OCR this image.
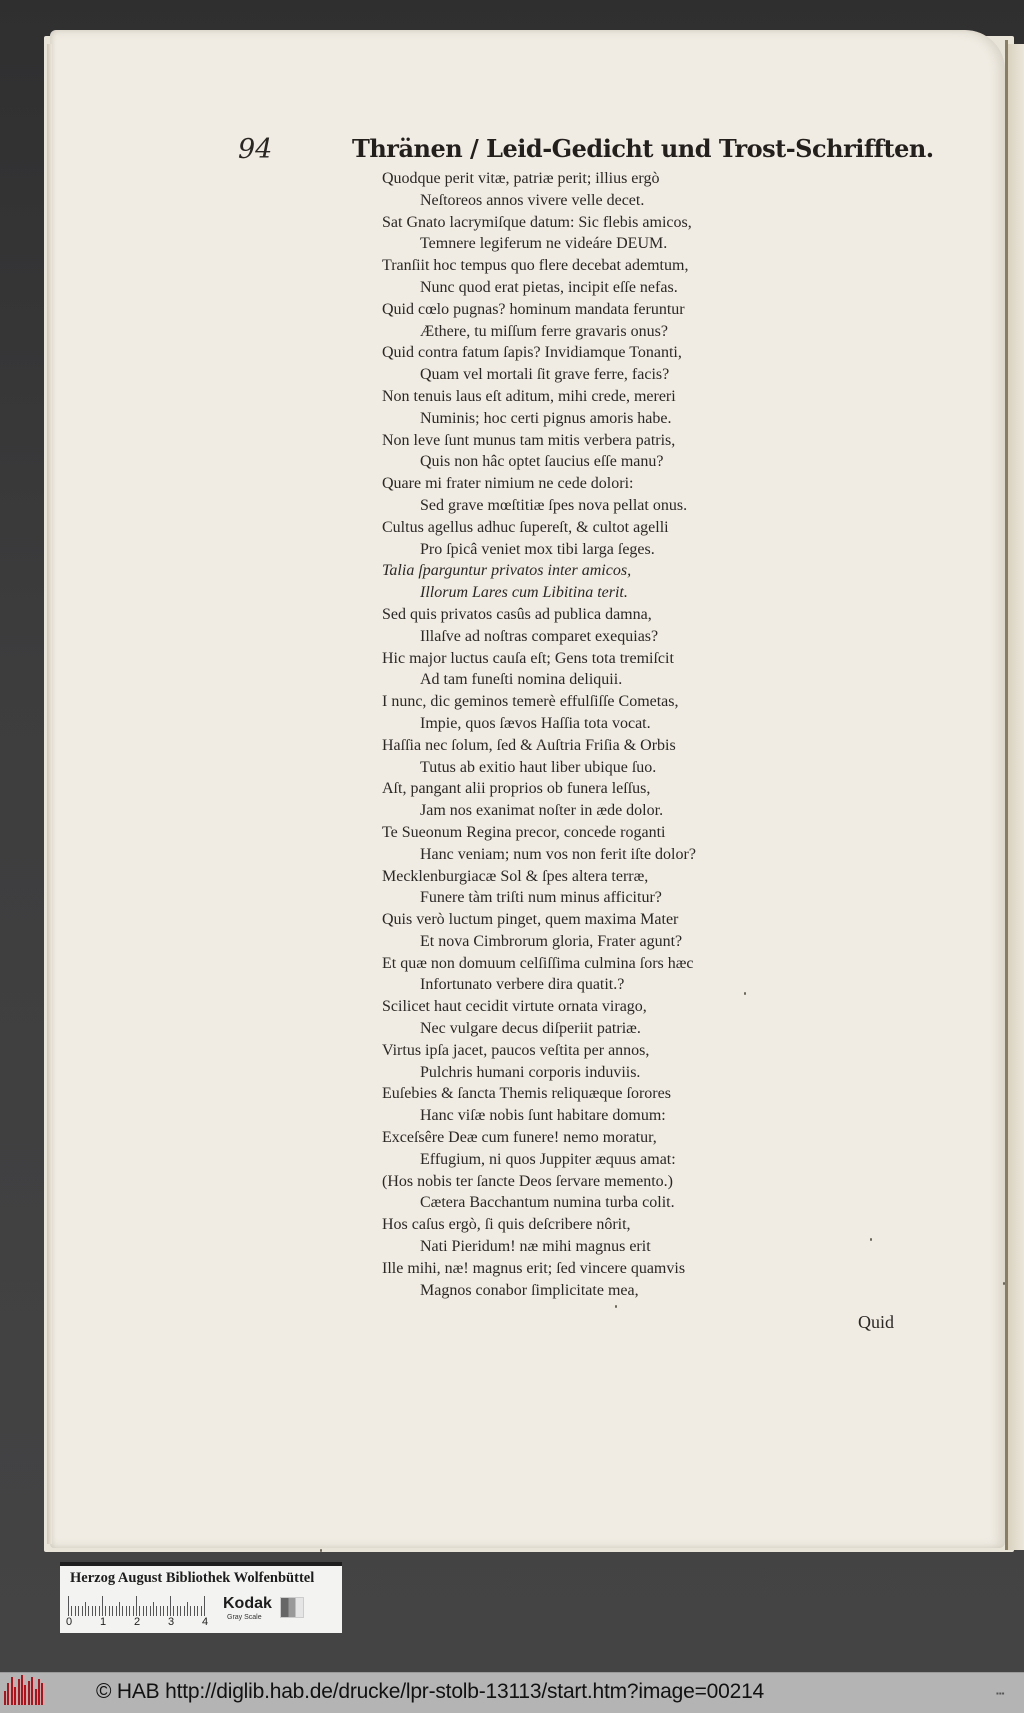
94	Thränen / Leid-Gedicht und Trost-Schrifften.
Quodque perit vitæ, patriæ perit; illius ergò
Neſtoreos annos vivere velle decet.
Sat Gnato lacrymiſque datum: Sic flebis amicos,
Temnere legiferum ne videáre DEUM.
Tranſiit hoc tempus quo flere decebat ademtum,
Nunc quod erat pietas, incipit eſſe nefas.
Quid cœlo pugnas? hominum mandata feruntur
Æthere, tu miſſum ferre gravaris onus?
Quid contra fatum ſapis? Invidiamque Tonanti,
Quam vel mortali ſit grave ferre, facis?
Non tenuis laus eſt aditum, mihi crede, mereri
Numinis; hoc certi pignus amoris habe.
Non leve ſunt munus tam mitis verbera patris,
Quis non hâc optet ſaucius eſſe manu?
Quare mi frater nimium ne cede dolori:
Sed grave mœſtitiæ ſpes nova pellat onus.
Cultus agellus adhuc ſupereſt, & cultot agelli
Pro ſpicâ veniet mox tibi larga ſeges.
Talia ſparguntur privatos inter amicos,
Illorum Lares cum Libitina terit.
Sed quis privatos casûs ad publica damna,
Illaſve ad noſtras comparet exequias?
Hic major luctus cauſa eſt; Gens tota tremiſcit
Ad tam funeſti nomina deliquii.
I nunc, dic geminos temerè effulſiſſe Cometas,
Impie, quos ſævos Haſſia tota vocat.
Haſſia nec ſolum, ſed & Auſtria Friſia & Orbis
Tutus ab exitio haut liber ubique ſuo.
Aſt, pangant alii proprios ob funera leſſus,
Jam nos exanimat noſter in æde dolor.
Te Sueonum Regina precor, concede roganti
Hanc veniam; num vos non ferit iſte dolor?
Mecklenburgiacæ Sol & ſpes altera terræ,
Funere tàm triſti num minus afficitur?
Quis verò luctum pinget, quem maxima Mater
Et nova Cimbrorum gloria, Frater agunt?
Et quæ non domuum celſiſſima culmina ſors hæc
Infortunato verbere dira quatit.?
Scilicet haut cecidit virtute ornata virago,
Nec vulgare decus diſperiit patriæ.
Virtus ipſa jacet, paucos veſtita per annos,
Pulchris humani corporis induviis.
Euſebies & ſancta Themis reliquæque ſorores
Hanc viſæ nobis ſunt habitare domum:
Exceſsêre Deæ cum funere! nemo moratur,
Effugium, ni quos Juppiter æquus amat:
(Hos nobis ter ſancte Deos ſervare memento.)
Cætera Bacchantum numina turba colit.
Hos caſus ergò, ſi quis deſcribere nôrit,
Nati Pieridum! næ mihi magnus erit
Ille mihi, næ! magnus erit; ſed vincere quamvis
Magnos conabor ſimplicitate mea,
Quid
Herzog August Bibliothek Wolfenbüttel
0	1	2	3	4
Kodak
Gray Scale
© HAB http://diglib.hab.de/drucke/lpr-stolb-13113/start.htm?image=00214	▪▪▪
